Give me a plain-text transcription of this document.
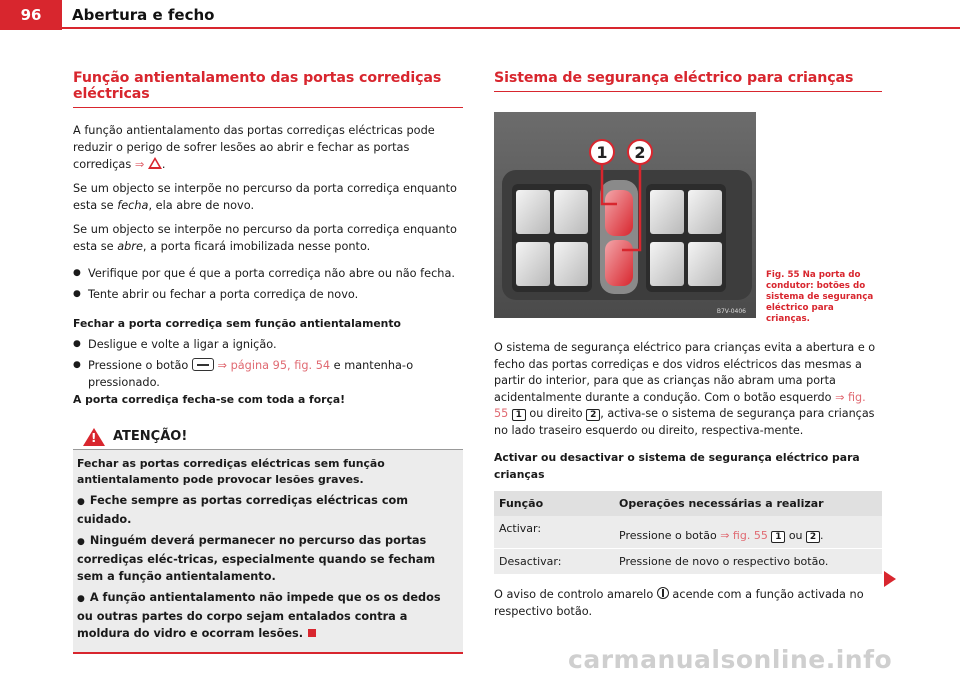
96	Abertura e fecho
Função antientalamento das portas corrediças eléctricas

A função antientalamento das portas corrediças eléctricas pode reduzir o perigo de sofrer lesões ao abrir e fechar as portas corrediças ⇒ .

Se um objecto se interpõe no percurso da porta corrediça enquanto esta se fecha, ela abre de novo.

Se um objecto se interpõe no percurso da porta corrediça enquanto esta se abre, a porta ficará imobilizada nesse ponto.

● Verifique por que é que a porta corrediça não abre ou não fecha.
● Tente abrir ou fechar a porta corrediça de novo.

Fechar a porta corrediça sem função antientalamento

● Desligue e volte a ligar a ignição.
● Pressione o botão  ⇒ página 95, fig. 54 e mantenha-o pressionado.

A porta corrediça fecha-se com toda a força!

!
ATENÇÃO!

Fechar as portas corrediças eléctricas sem função antientalamento pode provocar lesões graves.

● Feche sempre as portas corrediças eléctricas com cuidado.
● Ninguém deverá permanecer no percurso das portas corrediças eléc-tricas, especialmente quando se fecham sem a função antientalamento.
● A função antientalamento não impede que os os dedos ou outras partes do corpo sejam entalados contra a moldura do vidro e ocorram lesões.
Sistema de segurança eléctrico para crianças
1 2
B7V-0406
Fig. 55 Na porta do condutor: botões do sistema de segurança eléctrico para crianças.

O sistema de segurança eléctrico para crianças evita a abertura e o fecho das portas corrediças e dos vidros eléctricos das mesmas a partir do interior, para que as crianças não abram uma porta acidentalmente durante a condução. Com o botão esquerdo ⇒ fig. 55 1 ou direito 2 , activa-se o sistema de segurança para crianças no lado traseiro esquerdo ou direito, respectiva-mente.

Activar ou desactivar o sistema de segurança eléctrico para crianças

Função	Operações necessárias a realizar
Activar:	Pressione o botão ⇒ fig. 55 1 ou 2 .
Desactivar:	Pressione de novo o respectivo botão.

O aviso de controlo amarelo  acende com a função activada no respectivo botão.

carmanualsonline.info
